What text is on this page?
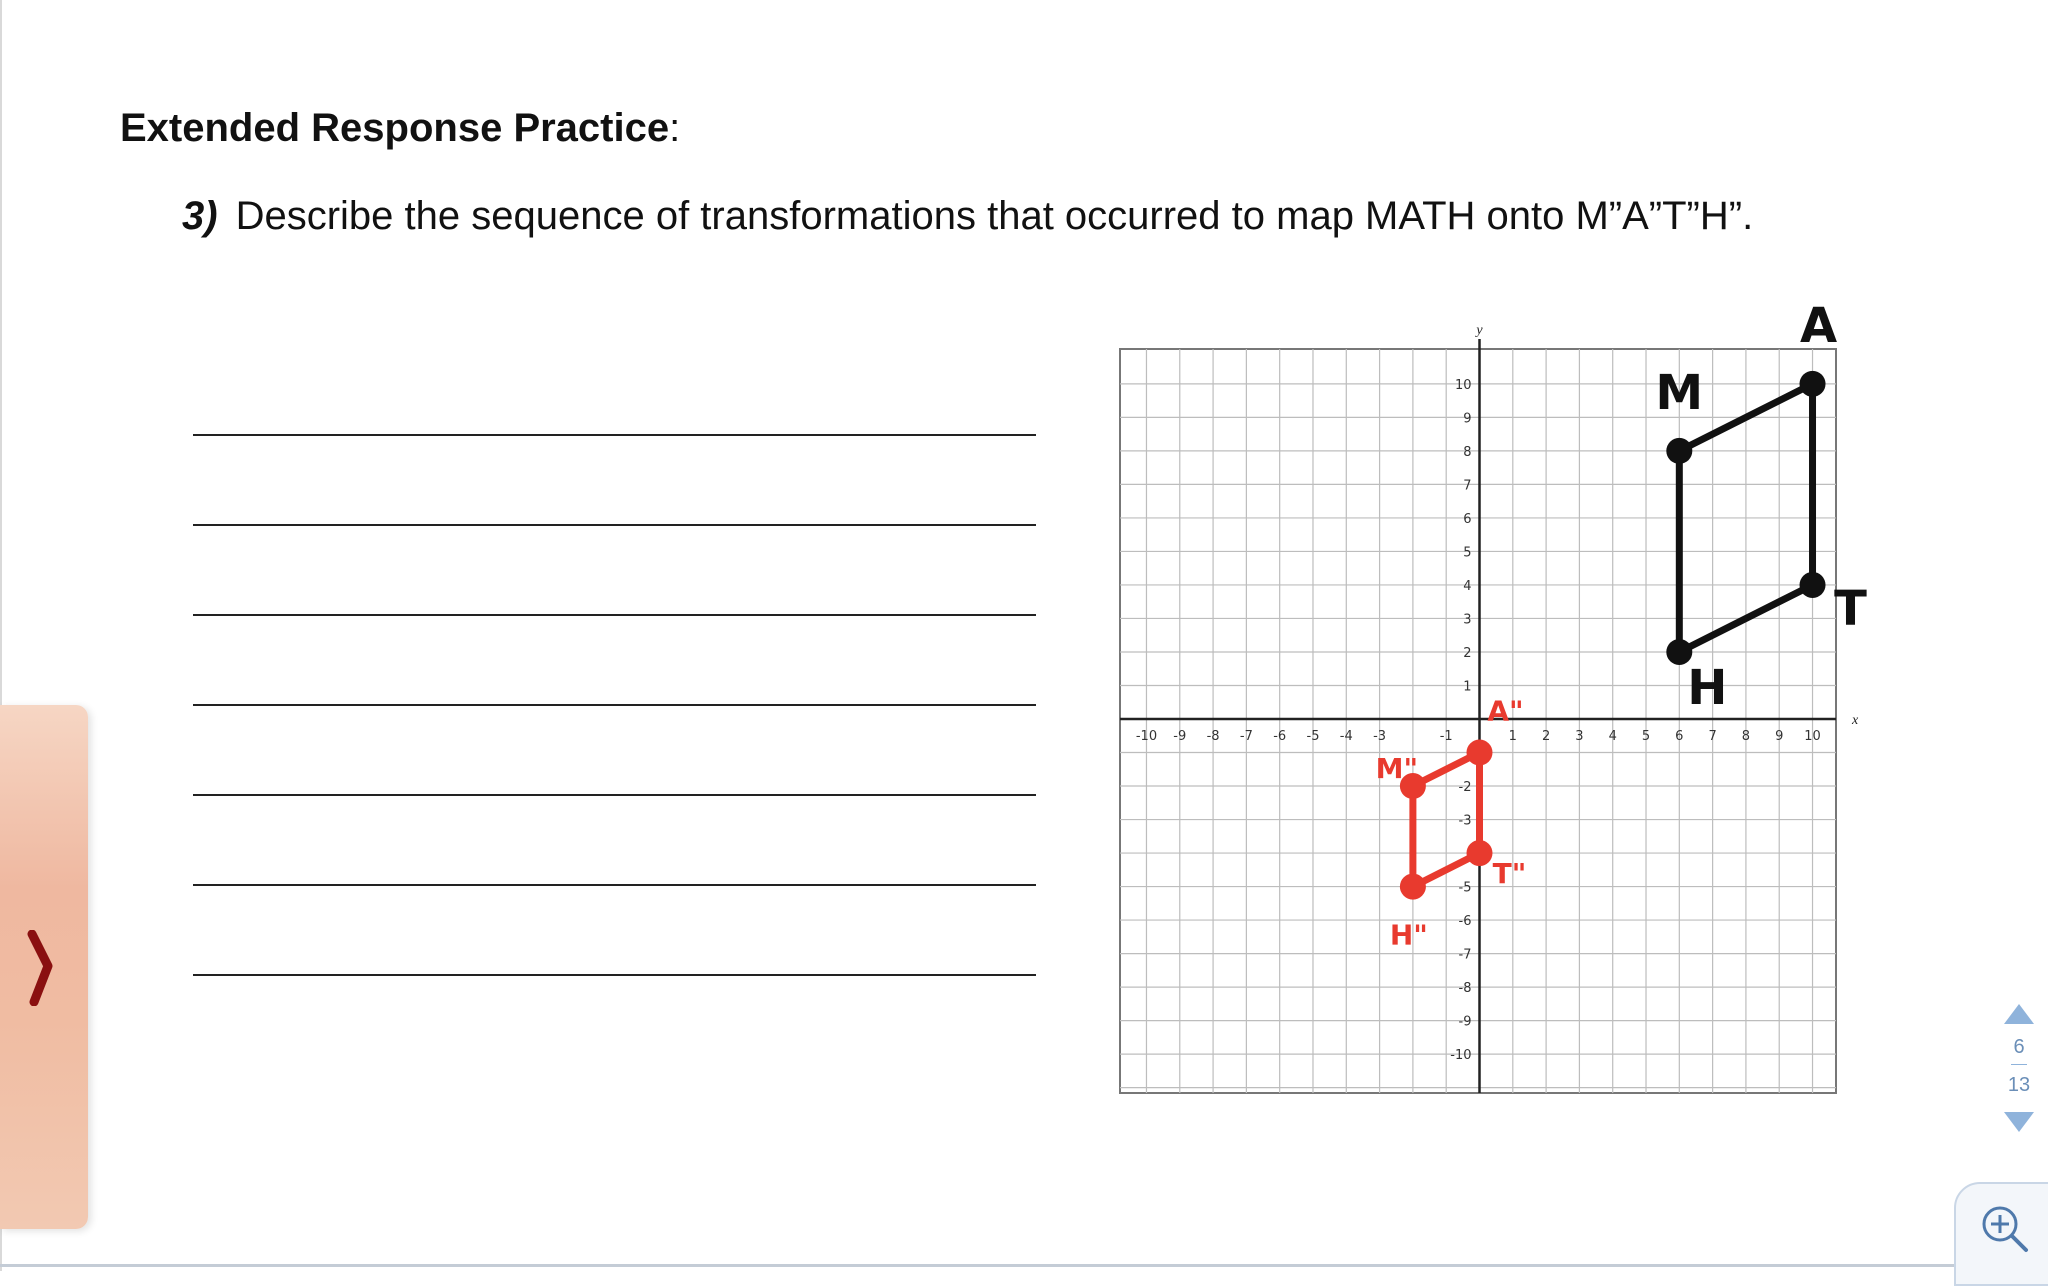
Extended Response Practice:
3) Describe the sequence of transformations that occurred to map MATH onto M”A”T”H”.
x
y
-10 -9 -8 -7 -6 -5 -4 -3	-1	1 2 3 4 5 6 7 8 9 10
10
9
8
7
6
5
4
3
2
1
-2
-3
-5
-6
-7
-8
-9
-10
M
A
T
H
M"
A"
T"
H"
6
13
